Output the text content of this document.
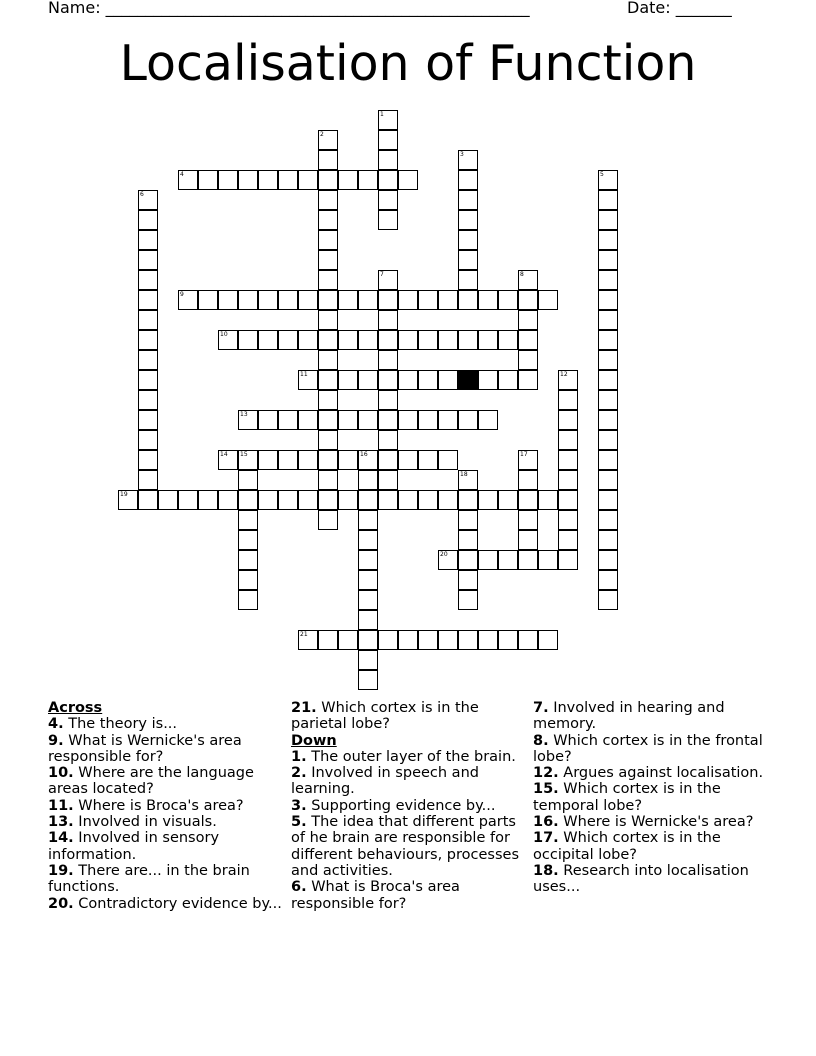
Name: _____________________________________________________	Date: _______
Localisation of Function
4
9
10
11
13
14 15	16
19
20
21
1
2
3
5
6
7	8
12
17
18
Across
4. The theory is...
9. What is Wernicke's area responsible for?
10. Where are the language areas located?
11. Where is Broca's area?
13. Involved in visuals.
14. Involved in sensory information.
19. There are... in the brain functions.
20. Contradictory evidence by...
21. Which cortex is in the parietal lobe?
Down
1. The outer layer of the brain.
2. Involved in speech and learning.
3. Supporting evidence by...
5. The idea that different parts of he brain are responsible for different behaviours, processes and activities.
6. What is Broca's area responsible for?
7. Involved in hearing and memory.
8. Which cortex is in the frontal lobe?
12. Argues against localisation.
15. Which cortex is in the temporal lobe?
16. Where is Wernicke's area?
17. Which cortex is in the occipital lobe?
18. Research into localisation uses...
